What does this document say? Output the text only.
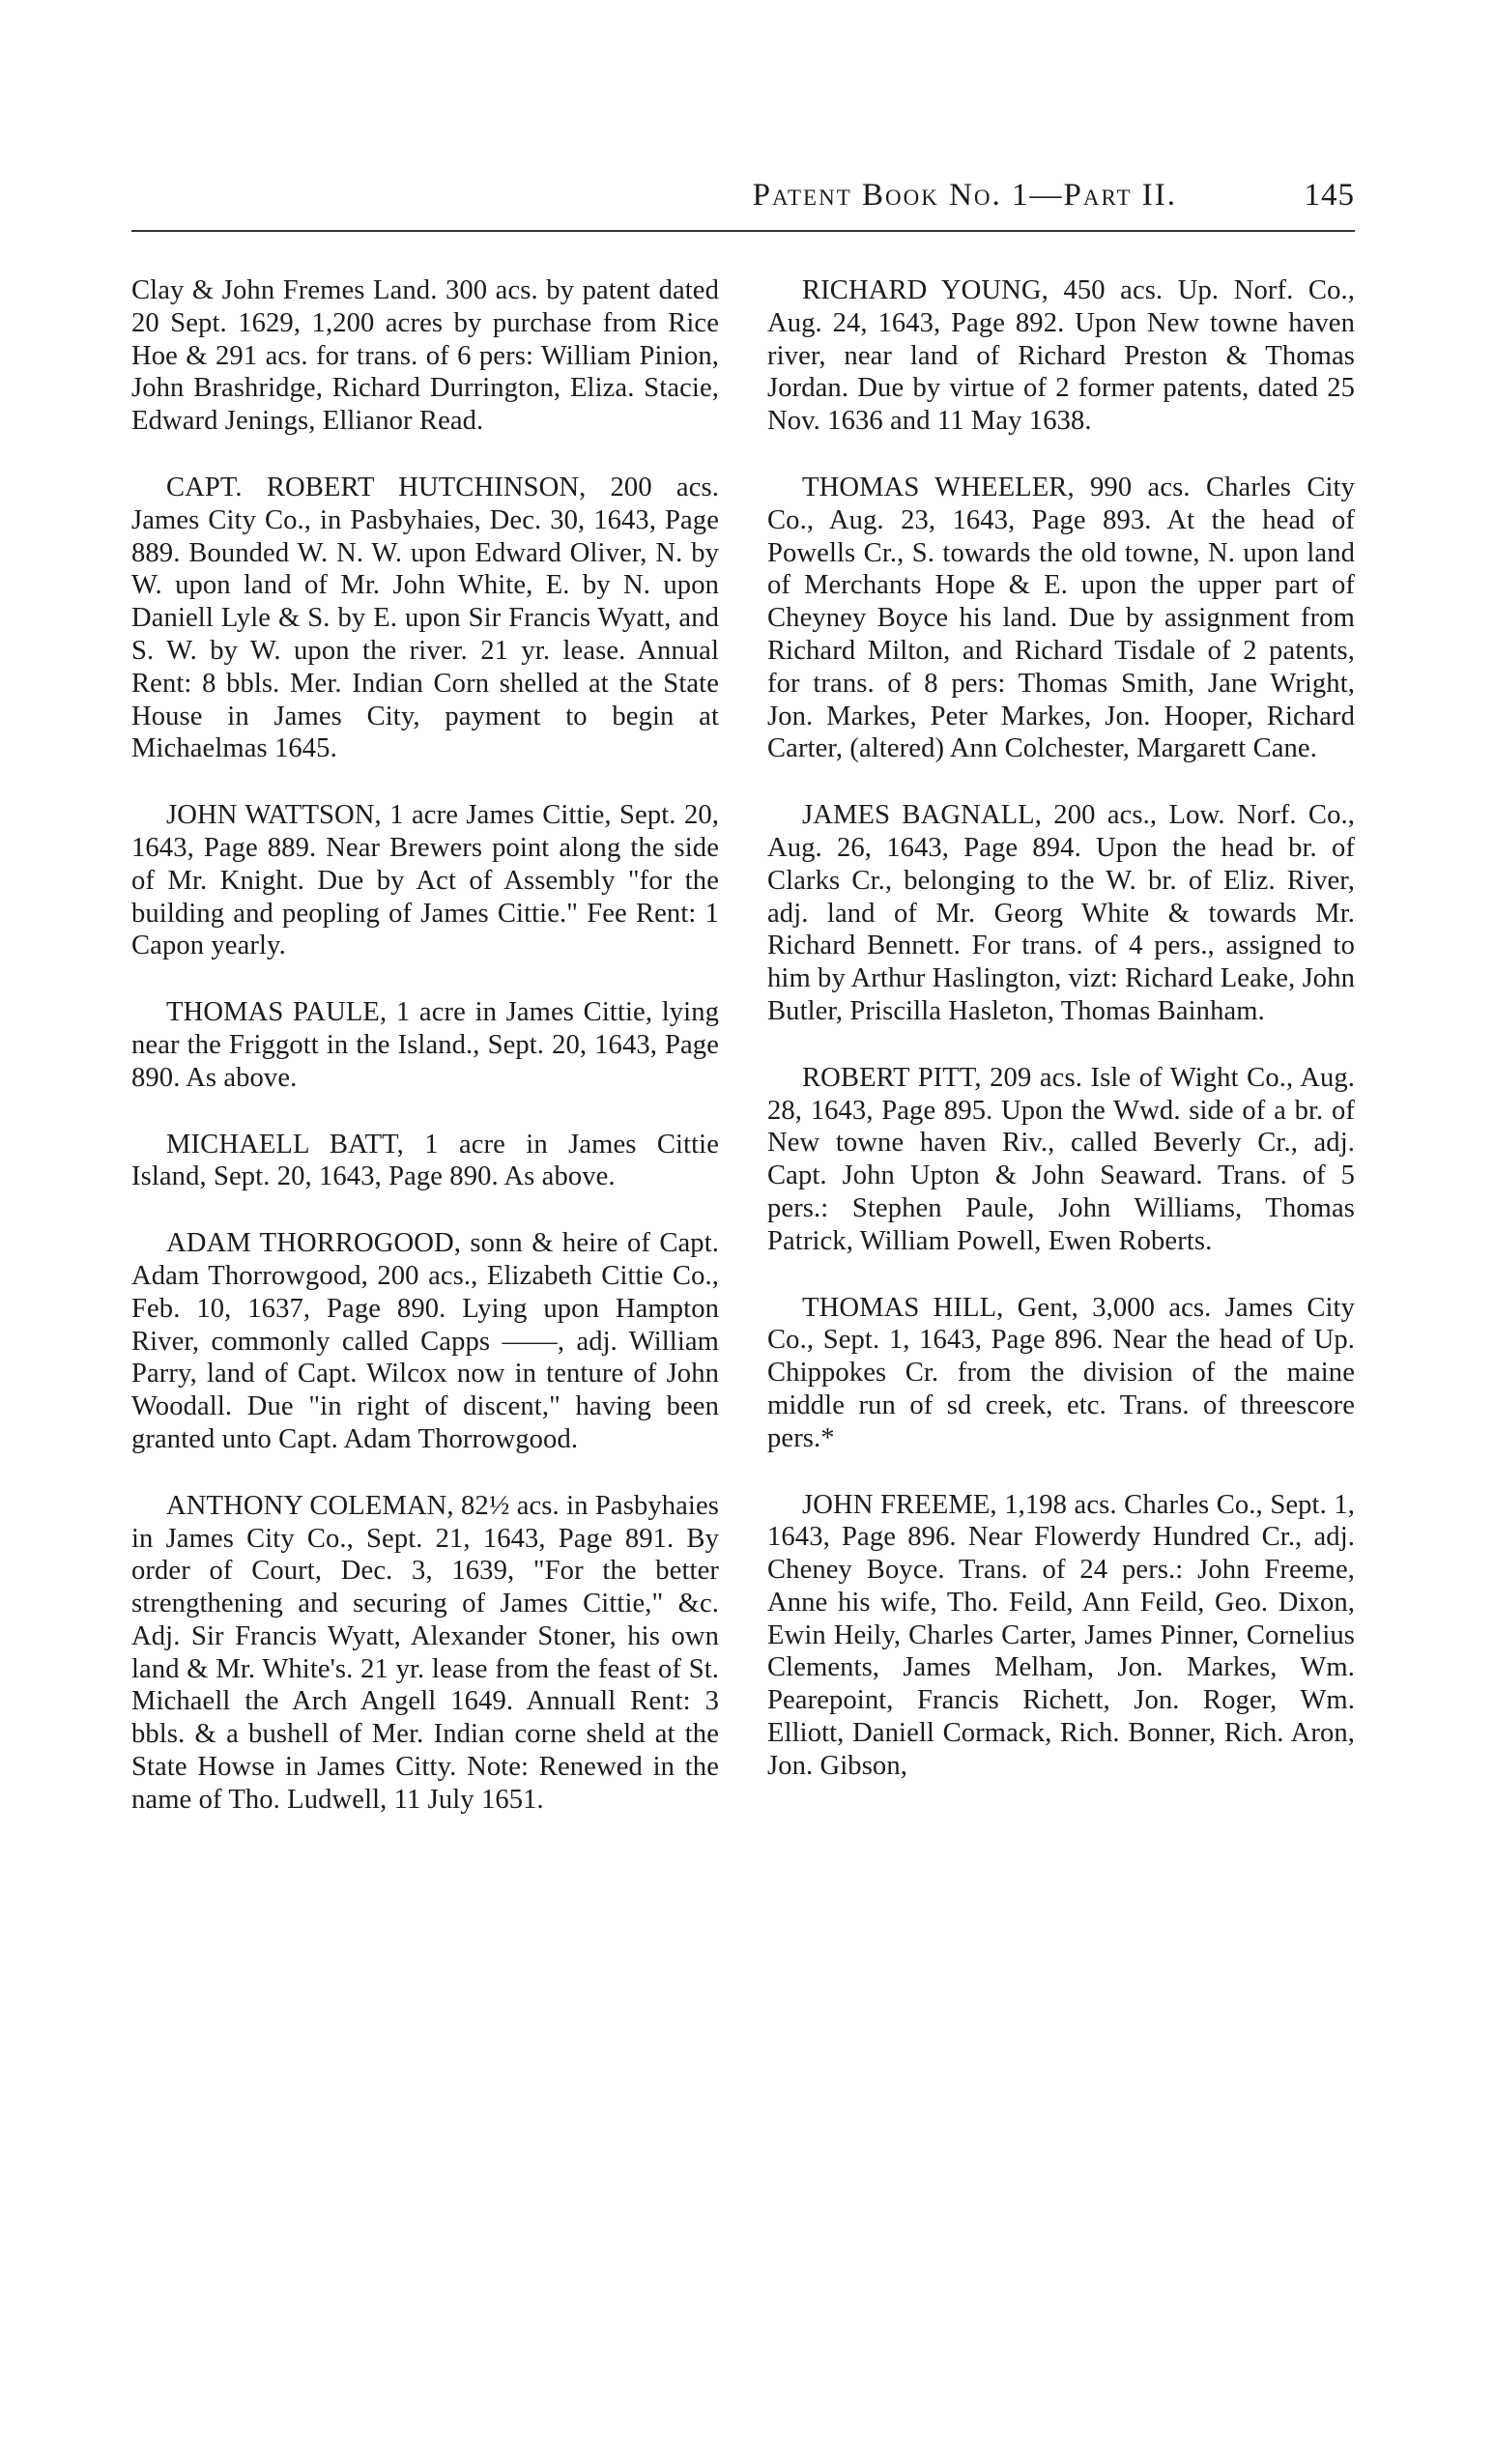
Patent Book No. 1—Part II.	145

Clay & John Fremes Land. 300 acs. by patent dated 20 Sept. 1629, 1,200 acres by purchase from Rice Hoe & 291 acs. for trans. of 6 pers: William Pinion, John Brashridge, Richard Durrington, Eliza. Stacie, Edward Jenings, Ellianor Read.

CAPT. ROBERT HUTCHINSON, 200 acs. James City Co., in Pasbyhaies, Dec. 30, 1643, Page 889. Bounded W. N. W. upon Edward Oliver, N. by W. upon land of Mr. John White, E. by N. upon Daniell Lyle & S. by E. upon Sir Francis Wyatt, and S. W. by W. upon the river. 21 yr. lease. Annual Rent: 8 bbls. Mer. Indian Corn shelled at the State House in James City, payment to begin at Michaelmas 1645.

JOHN WATTSON, 1 acre James Cittie, Sept. 20, 1643, Page 889. Near Brewers point along the side of Mr. Knight. Due by Act of Assembly "for the building and peopling of James Cittie." Fee Rent: 1 Capon yearly.

THOMAS PAULE, 1 acre in James Cittie, lying near the Friggott in the Island., Sept. 20, 1643, Page 890. As above.

MICHAELL BATT, 1 acre in James Cittie Island, Sept. 20, 1643, Page 890. As above.

ADAM THORROGOOD, sonn & heire of Capt. Adam Thorrowgood, 200 acs., Elizabeth Cittie Co., Feb. 10, 1637, Page 890. Lying upon Hampton River, commonly called Capps ——, adj. William Parry, land of Capt. Wilcox now in tenture of John Woodall. Due "in right of discent," having been granted unto Capt. Adam Thorrowgood.

ANTHONY COLEMAN, 82½ acs. in Pasbyhaies in James City Co., Sept. 21, 1643, Page 891. By order of Court, Dec. 3, 1639, "For the better strengthening and securing of James Cittie," &c. Adj. Sir Francis Wyatt, Alexander Stoner, his own land & Mr. White's. 21 yr. lease from the feast of St. Michaell the Arch Angell 1649. Annuall Rent: 3 bbls. & a bushell of Mer. Indian corne sheld at the State Howse in James Citty. Note: Renewed in the name of Tho. Ludwell, 11 July 1651.

RICHARD YOUNG, 450 acs. Up. Norf. Co., Aug. 24, 1643, Page 892. Upon New towne haven river, near land of Richard Preston & Thomas Jordan. Due by virtue of 2 former patents, dated 25 Nov. 1636 and 11 May 1638.

THOMAS WHEELER, 990 acs. Charles City Co., Aug. 23, 1643, Page 893. At the head of Powells Cr., S. towards the old towne, N. upon land of Merchants Hope & E. upon the upper part of Cheyney Boyce his land. Due by assignment from Richard Milton, and Richard Tisdale of 2 patents, for trans. of 8 pers: Thomas Smith, Jane Wright, Jon. Markes, Peter Markes, Jon. Hooper, Richard Carter, (altered) Ann Colchester, Margarett Cane.

JAMES BAGNALL, 200 acs., Low. Norf. Co., Aug. 26, 1643, Page 894. Upon the head br. of Clarks Cr., belonging to the W. br. of Eliz. River, adj. land of Mr. Georg White & towards Mr. Richard Bennett. For trans. of 4 pers., assigned to him by Arthur Haslington, vizt: Richard Leake, John Butler, Priscilla Hasleton, Thomas Bainham.

ROBERT PITT, 209 acs. Isle of Wight Co., Aug. 28, 1643, Page 895. Upon the Wwd. side of a br. of New towne haven Riv., called Beverly Cr., adj. Capt. John Upton & John Seaward. Trans. of 5 pers.: Stephen Paule, John Williams, Thomas Patrick, William Powell, Ewen Roberts.

THOMAS HILL, Gent, 3,000 acs. James City Co., Sept. 1, 1643, Page 896. Near the head of Up. Chippokes Cr. from the division of the maine middle run of sd creek, etc. Trans. of threescore pers.*

JOHN FREEME, 1,198 acs. Charles Co., Sept. 1, 1643, Page 896. Near Flowerdy Hundred Cr., adj. Cheney Boyce. Trans. of 24 pers.: John Freeme, Anne his wife, Tho. Feild, Ann Feild, Geo. Dixon, Ewin Heily, Charles Carter, James Pinner, Cornelius Clements, James Melham, Jon. Markes, Wm. Pearepoint, Francis Richett, Jon. Roger, Wm. Elliott, Daniell Cormack, Rich. Bonner, Rich. Aron, Jon. Gibson,
